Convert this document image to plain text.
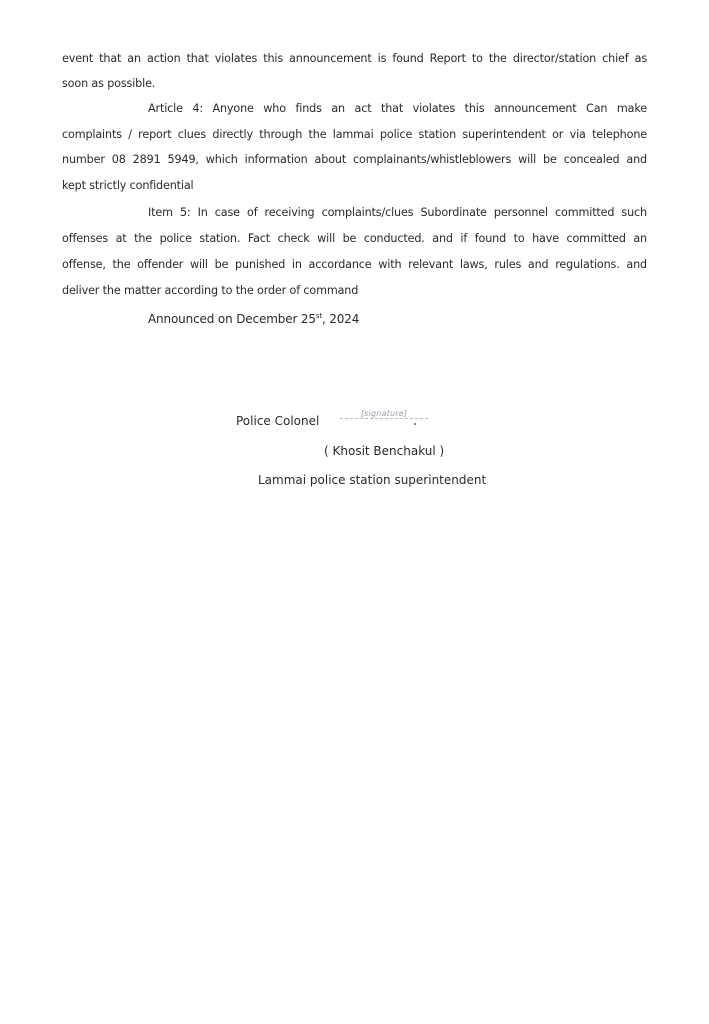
event that an action that violates this announcement is found Report to the director/station chief as
soon as possible.
Article 4: Anyone who finds an act that violates this announcement Can make
complaints / report clues directly through the lammai police station superintendent or via telephone
number 08 2891 5949, which information about complainants/whistleblowers will be concealed and
kept strictly confidential
Item 5: In case of receiving complaints/clues Subordinate personnel committed such
offenses at the police station. Fact check will be conducted. and if found to have committed an
offense, the offender will be punished in accordance with relevant laws, rules and regulations. and
deliver the matter according to the order of command
Announced on December 25st, 2024
Police Colonel
[signature]
( Khosit Benchakul )
Lammai police station superintendent
